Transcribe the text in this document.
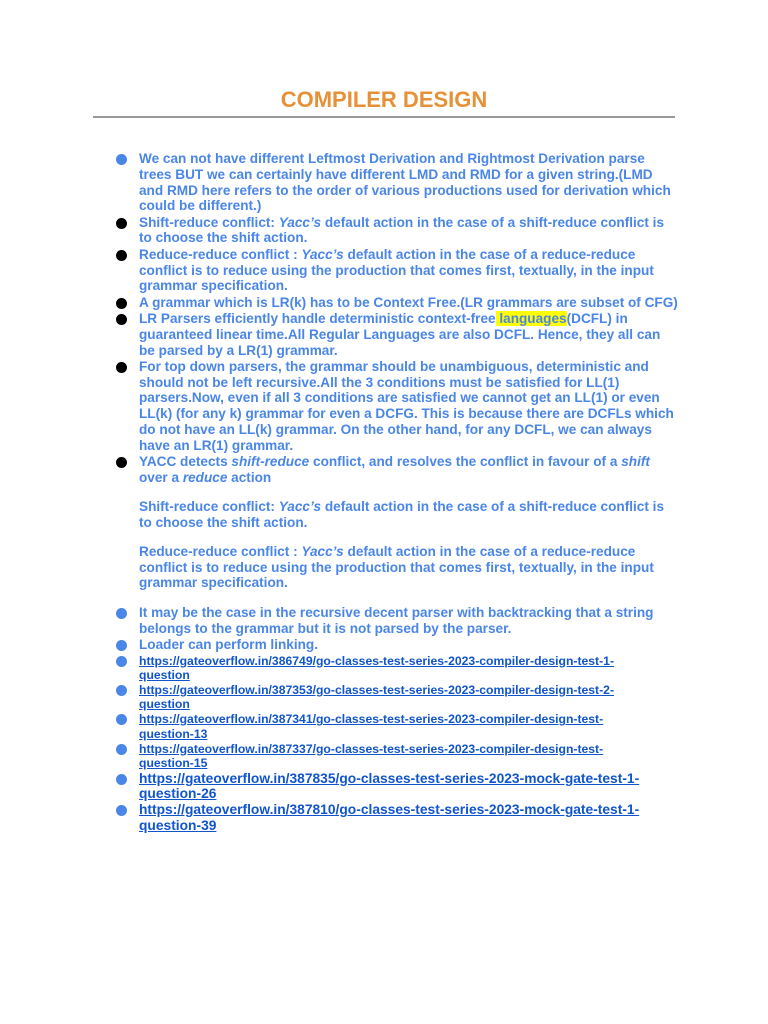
COMPILER DESIGN
We can not have different Leftmost Derivation and Rightmost Derivation parse trees BUT we can certainly have different LMD and RMD for a given string.(LMD and RMD here refers to the order of various productions used for derivation which could be different.)
Shift-reduce conflict: Yacc’s default action in the case of a shift-reduce conflict is to choose the shift action.
Reduce-reduce conflict : Yacc’s default action in the case of a reduce-reduce conflict is to reduce using the production that comes first, textually, in the input grammar specification.
A grammar which is LR(k) has to be Context Free.(LR grammars are subset of CFG)
LR Parsers efficiently handle deterministic context-free languages(DCFL) in guaranteed linear time.All Regular Languages are also DCFL. Hence, they all can be parsed by a LR(1) grammar.
For top down parsers, the grammar should be unambiguous, deterministic and should not be left recursive.All the 3 conditions must be satisfied for LL(1) parsers.Now, even if all 3 conditions are satisfied we cannot get an LL(1) or even LL(k) (for any k) grammar for even a DCFG. This is because there are DCFLs which do not have an LL(k) grammar. On the other hand, for any DCFL, we can always have an LR(1) grammar.
YACC detects shift-reduce conflict, and resolves the conflict in favour of a shift over a reduce action
Shift-reduce conflict: Yacc’s default action in the case of a shift-reduce conflict is to choose the shift action.
Reduce-reduce conflict : Yacc’s default action in the case of a reduce-reduce conflict is to reduce using the production that comes first, textually, in the input grammar specification.
It may be the case in the recursive decent parser with backtracking that a string belongs to the grammar but it is not parsed by the parser.
Loader can perform linking.
https://gateoverflow.in/386749/go-classes-test-series-2023-compiler-design-test-1-
question
https://gateoverflow.in/387353/go-classes-test-series-2023-compiler-design-test-2-
question
https://gateoverflow.in/387341/go-classes-test-series-2023-compiler-design-test-
question-13
https://gateoverflow.in/387337/go-classes-test-series-2023-compiler-design-test-
question-15
https://gateoverflow.in/387835/go-classes-test-series-2023-mock-gate-test-1-
question-26
https://gateoverflow.in/387810/go-classes-test-series-2023-mock-gate-test-1-
question-39
